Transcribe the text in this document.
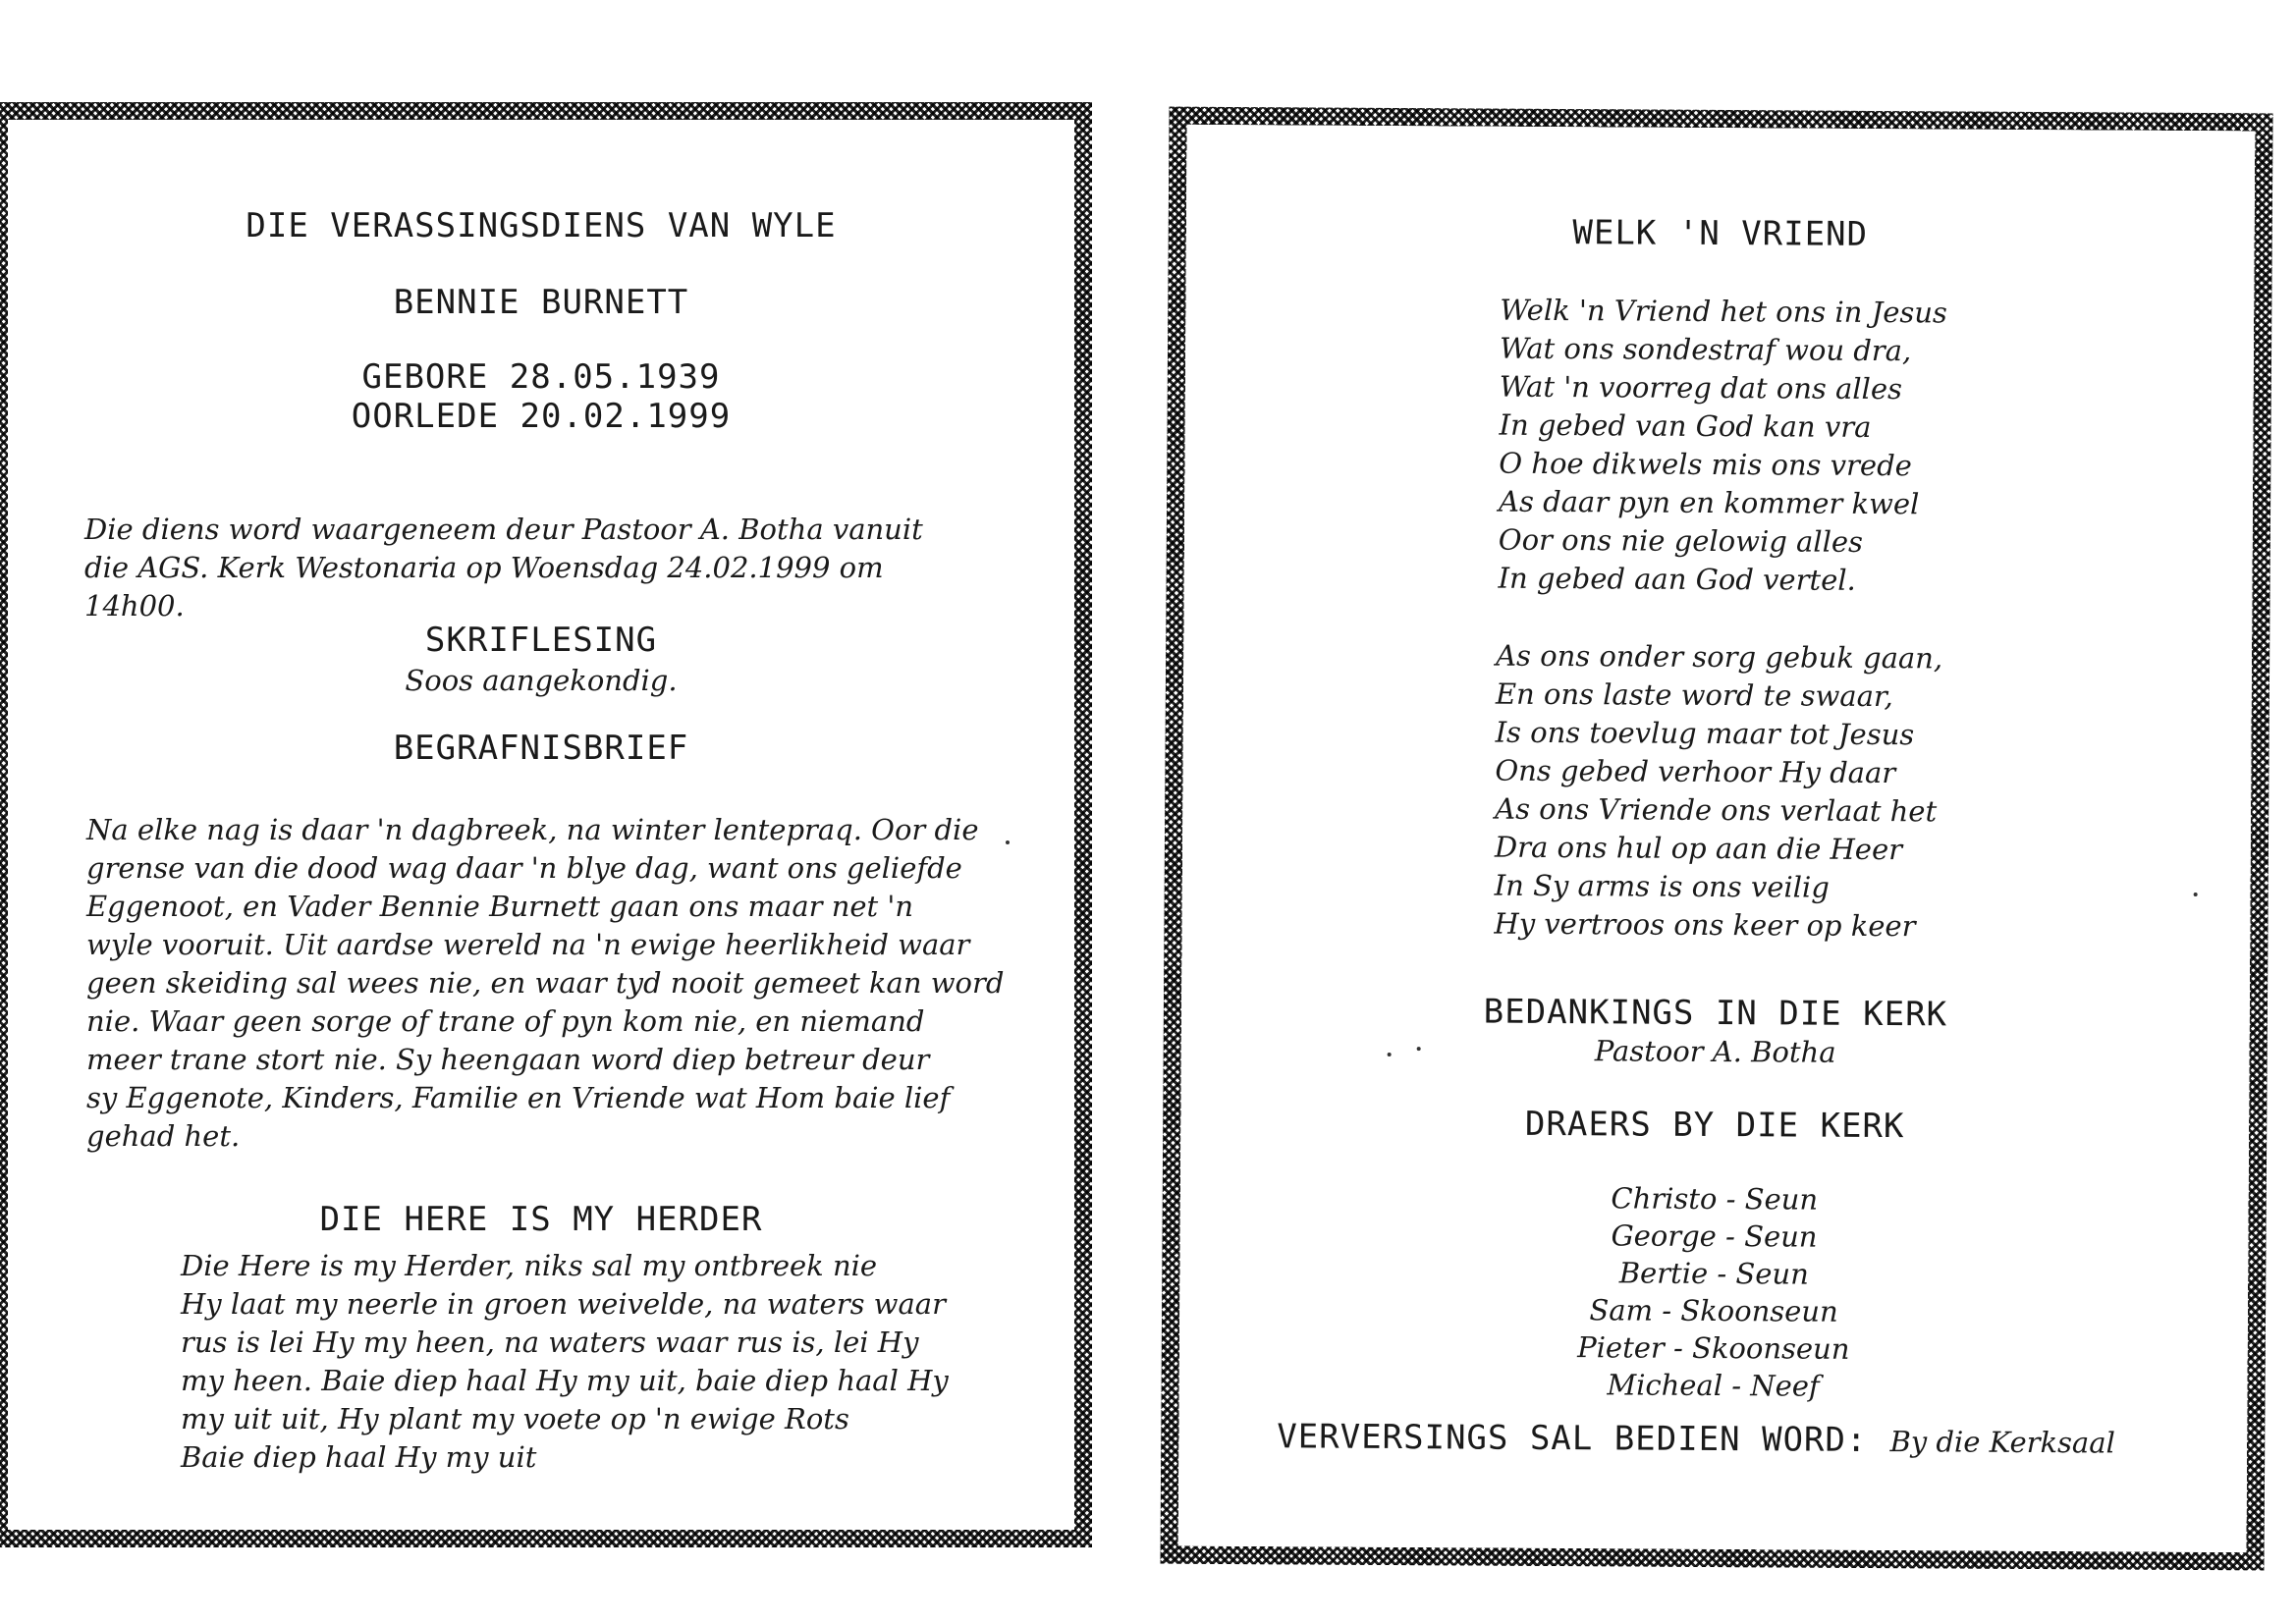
DIE VERASSINGSDIENS VAN WYLE
BENNIE BURNETT
GEBORE 28.05.1939
OORLEDE 20.02.1999
Die diens word waargeneem deur Pastoor A. Botha vanuit
die AGS. Kerk Westonaria op Woensdag 24.02.1999 om
14h00.
SKRIFLESING
Soos aangekondig.
BEGRAFNISBRIEF
Na elke nag is daar 'n dagbreek, na winter lentepraq. Oor die
grense van die dood wag daar 'n blye dag, want ons geliefde
Eggenoot, en Vader Bennie Burnett gaan ons maar net 'n
wyle vooruit. Uit aardse wereld na 'n ewige heerlikheid waar
geen skeiding sal wees nie, en waar tyd nooit gemeet kan word
nie. Waar geen sorge of trane of pyn kom nie, en niemand
meer trane stort nie. Sy heengaan word diep betreur deur
sy Eggenote, Kinders, Familie en Vriende wat Hom baie lief
gehad het.
DIE HERE IS MY HERDER
Die Here is my Herder, niks sal my ontbreek nie
Hy laat my neerle in groen weivelde, na waters waar
rus is lei Hy my heen, na waters waar rus is, lei Hy
my heen. Baie diep haal Hy my uit, baie diep haal Hy
my uit uit, Hy plant my voete op 'n ewige Rots
Baie diep haal Hy my uit
WELK 'N VRIEND
Welk 'n Vriend het ons in Jesus
Wat ons sondestraf wou dra,
Wat 'n voorreg dat ons alles
In gebed van God kan vra
O hoe dikwels mis ons vrede
As daar pyn en kommer kwel
Oor ons nie gelowig alles
In gebed aan God vertel.
As ons onder sorg gebuk gaan,
En ons laste word te swaar,
Is ons toevlug maar tot Jesus
Ons gebed verhoor Hy daar
As ons Vriende ons verlaat het
Dra ons hul op aan die Heer
In Sy arms is ons veilig
Hy vertroos ons keer op keer
BEDANKINGS IN DIE KERK
Pastoor A. Botha
DRAERS BY DIE KERK
Christo - Seun
George - Seun
Bertie - Seun
Sam - Skoonseun
Pieter - Skoonseun
Micheal - Neef
VERVERSINGS SAL BEDIEN WORD: By die Kerksaal
